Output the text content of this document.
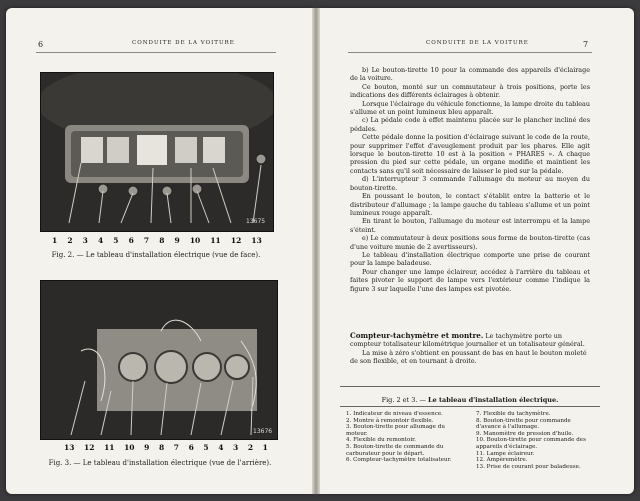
6	CONDUITE DE LA VOITURE
13675
1 2 3 4 5 6 7 8 9 10 11 12 13
Fig. 2. — Le tableau d'installation électrique (vue de face).
13676
13 12 11 10 9 8 7 6 5 4 3 2 1
Fig. 3. — Le tableau d'installation électrique (vue de l'arrière).
CONDUITE DE LA VOITURE	7

b) Le bouton-tirette 10 pour la commande des appareils d'éclairage de la voiture.

Ce bouton, monté sur un commutateur à trois positions, porte les indications des différents éclairages à obtenir.

Lorsque l'éclairage du véhicule fonctionne, la lampe droite du tableau s'allume et un point lumineux bleu apparaît.

c) La pédale code à effet maintenu placée sur le plancher incliné des pédales.

Cette pédale donne la position d'éclairage suivant le code de la route, pour supprimer l'effet d'aveuglement produit par les phares. Elle agit lorsque le bouton-tirette 10 est à la position « PHARES ». A chaque pression du pied sur cette pédale, un organe modifie et maintient les contacts sans qu'il soit nécessaire de laisser le pied sur la pédale.

d) L'interrupteur 3 commande l'allumage du moteur au moyen du bouton-tirette.

En poussant le bouton, le contact s'établit entre la batterie et le distributeur d'allumage ; la lampe gauche du tableau s'allume et un point lumineux rouge apparaît.

En tirant le bouton, l'allumage du moteur est interrompu et la lampe s'éteint.

e) Le commutateur à deux positions sous forme de bouton-tirette (cas d'une voiture munie de 2 avertisseurs).

Le tableau d'installation électrique comporte une prise de courant pour la lampe baladeuse.

Pour changer une lampe éclaireur, accédez à l'arrière du tableau et faites pivoter le support de lampe vers l'extérieur comme l'indique la figure 3 sur laquelle l'une des lampes est pivotée.

Compteur-tachymètre et montre. Le tachymètre porte un compteur totalisateur kilométrique journalier et un totalisateur général.
La mise à zéro s'obtient en poussant de bas en haut le bouton moleté de son flexible, et en tournant à droite.
Fig. 2 et 3. — Le tableau d'installation électrique.
1. Indicateur de niveau d'essence.
2. Montre à remontoir flexible.
3. Bouton-tirette pour allumage du moteur.
4. Flexible du remontoir.
5. Bouton-tirette de commande du carburateur pour le départ.
6. Compteur-tachymètre totalisateur.
7. Flexible du tachymètre.
8. Bouton-tirette pour commande d'avance à l'allumage.
9. Manomètre de pression d'huile.
10. Bouton-tirette pour commande des appareils d'éclairage.
11. Lampe éclaireur.
12. Ampèremètre.
13. Prise de courant pour baladeuse.
